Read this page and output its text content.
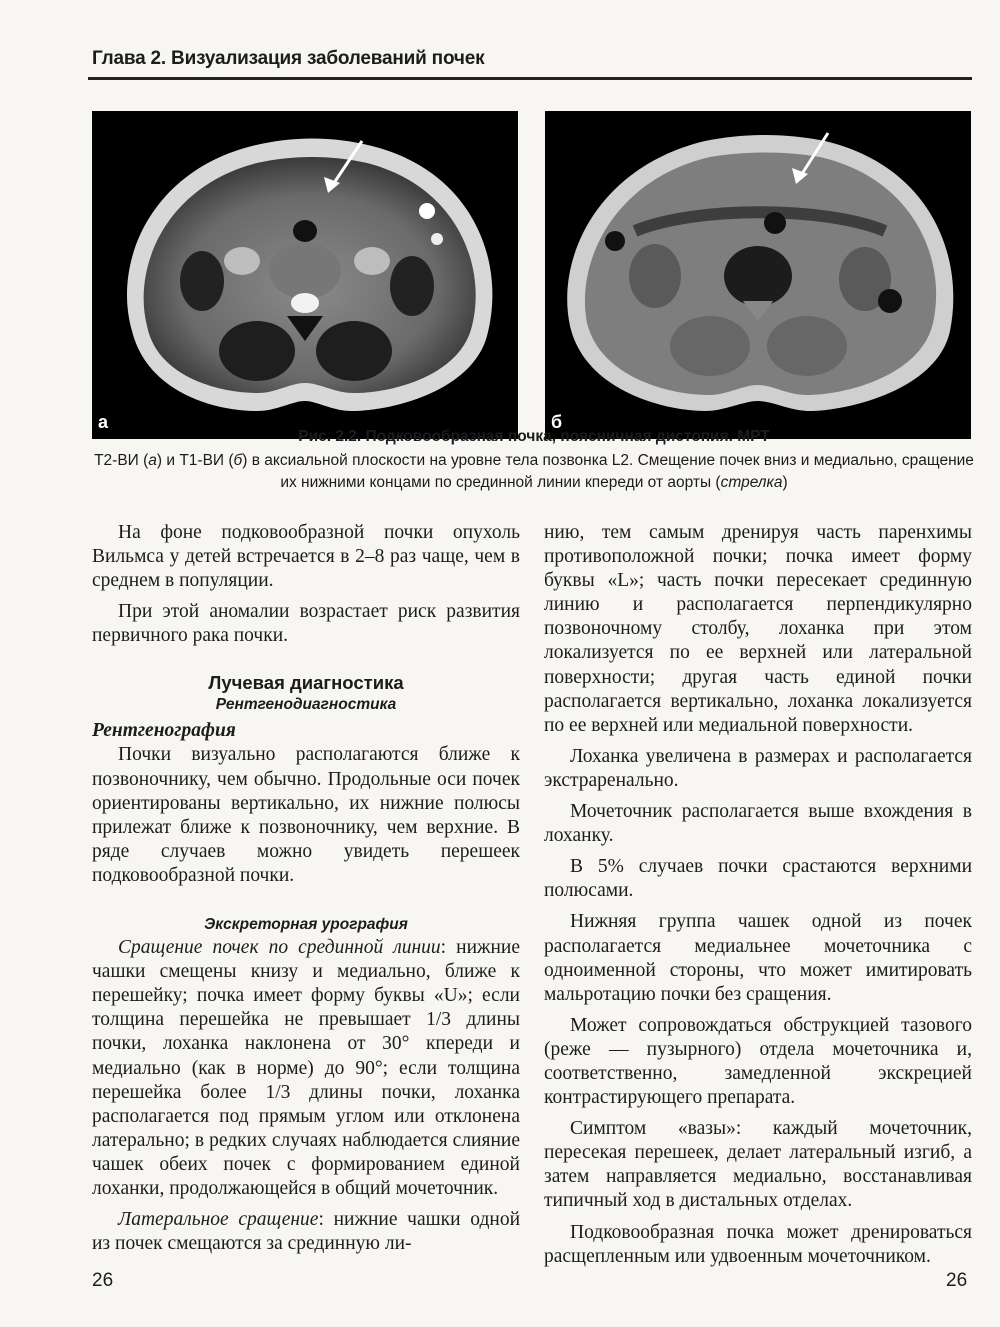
Глава 2. Визуализация заболеваний почек
а	б
Рис. 2.2. Подковообразная почка, поясничная дистопия. МРТ
Т2-ВИ (а) и Т1-ВИ (б) в аксиальной плоскости на уровне тела позвонка L2. Смещение почек вниз и медиально, сращение их нижними концами по срединной линии кпереди от аорты (стрелка)

На фоне подковообразной почки опухоль Вильмса у детей встречается в 2–8 раз чаще, чем в среднем в популяции.

При этой аномалии возрастает риск развития первичного рака почки.

Лучевая диагностика
Рентгенодиагностика
Рентгенография

Почки визуально располагаются ближе к позвоночнику, чем обычно. Продольные оси почек ориентированы вертикально, их нижние полюсы прилежат ближе к позвоночнику, чем верхние. В ряде случаев можно увидеть перешеек подковообразной почки.

Экскреторная урография

Сращение почек по срединной линии: нижние чашки смещены книзу и медиально, ближе к перешейку; почка имеет форму буквы «U»; если толщина перешейка не превышает 1/3 длины почки, лоханка наклонена от 30° кпереди и медиально (как в норме) до 90°; если толщина перешейка более 1/3 длины почки, лоханка располагается под прямым углом или отклонена латерально; в редких случаях наблюдается слияние чашек обеих почек с формированием единой лоханки, продолжающейся в общий мочеточник.

Латеральное сращение: нижние чашки одной из почек смещаются за срединную ли-

нию, тем самым дренируя часть паренхимы противоположной почки; почка имеет форму буквы «L»; часть почки пересекает срединную линию и располагается перпендикулярно позвоночному столбу, лоханка при этом локализуется по ее верхней или латеральной поверхности; другая часть единой почки располагается вертикально, лоханка локализуется по ее верхней или медиальной поверхности.

Лоханка увеличена в размерах и располагается экстраренально.

Мочеточник располагается выше вхождения в лоханку.

В 5% случаев почки срастаются верхними полюсами.

Нижняя группа чашек одной из почек располагается медиальнее мочеточника с одноименной стороны, что может имитировать мальротацию почки без сращения.

Может сопровождаться обструкцией тазового (реже — пузырного) отдела мочеточника и, соответственно, замедленной экскрецией контрастирующего препарата.

Симптом «вазы»: каждый мочеточник, пересекая перешеек, делает латеральный изгиб, а затем направляется медиально, восстанавливая типичный ход в дистальных отделах.

Подковообразная почка может дренироваться расщепленным или удвоенным мочеточником.

26	26
